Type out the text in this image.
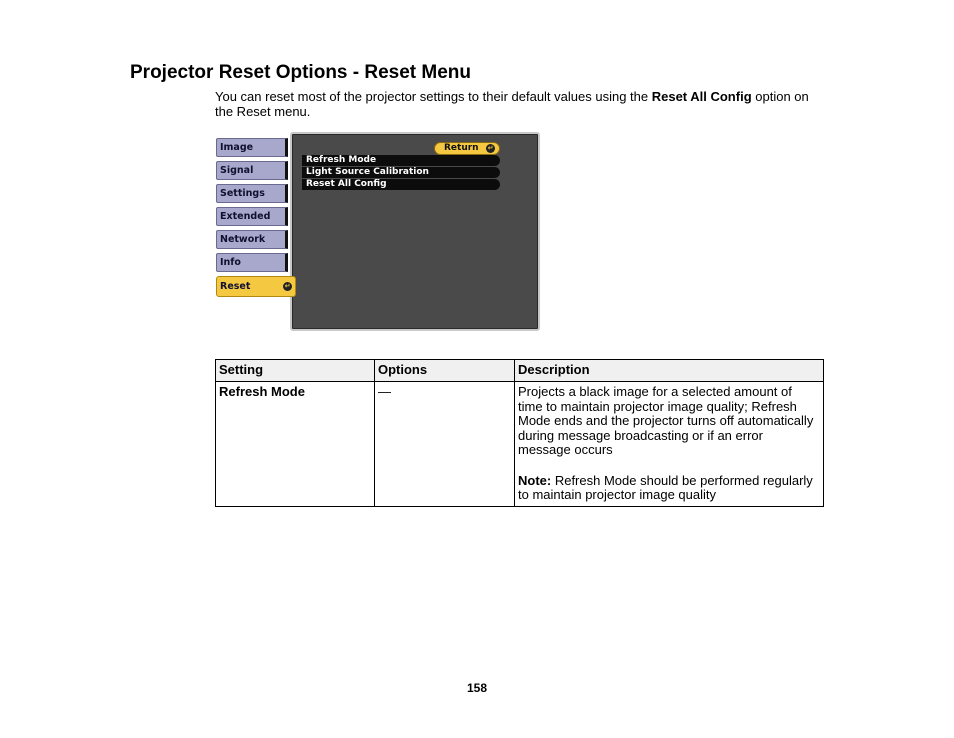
Projector Reset Options - Reset Menu

You can reset most of the projector settings to their default values using the Reset All Config option on the Reset menu.

Image
Signal
Settings
Extended
Network
Info
Reset	↵
Return ↵
Refresh Mode
Light Source Calibration
Reset All Config
Setting	Options	Description
Refresh Mode	—	Projects a black image for a selected amount of time to maintain projector image quality; Refresh Mode ends and the projector turns off automatically during message broadcasting or if an error message occurs
Note: Refresh Mode should be performed regularly to maintain projector image quality
158
